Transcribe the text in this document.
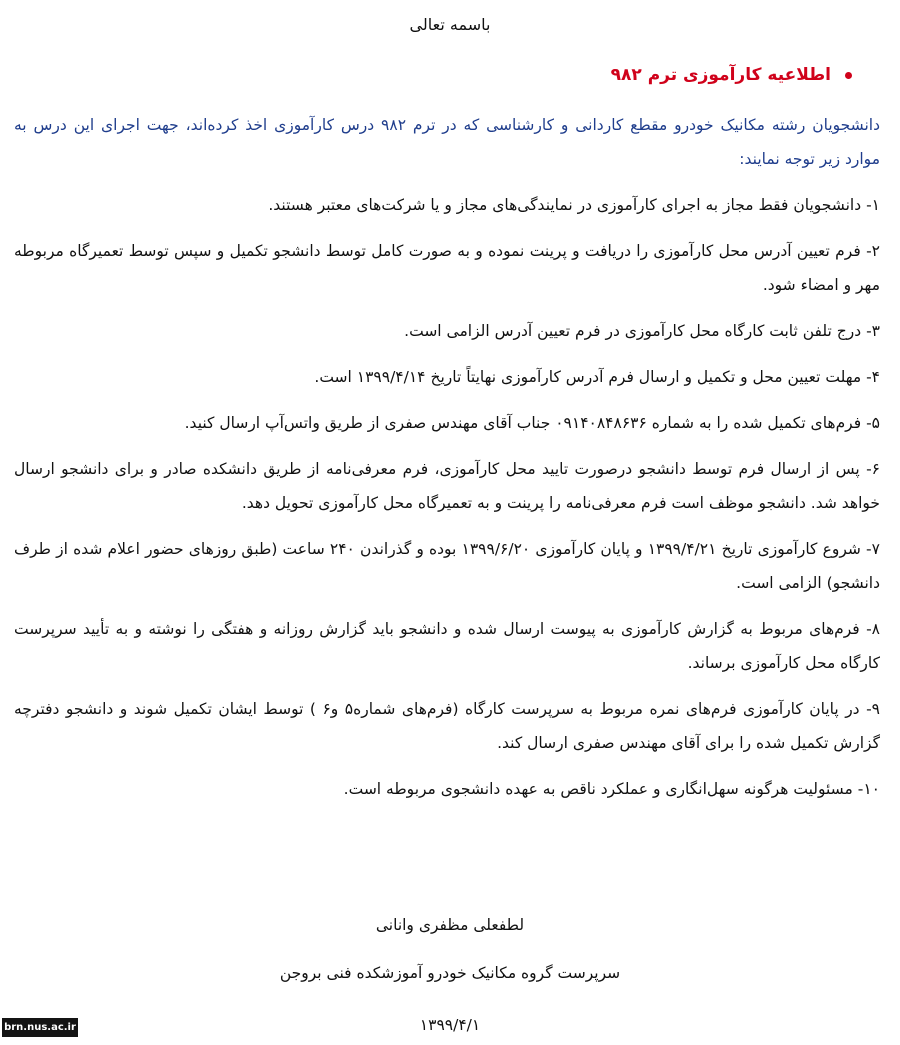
باسمه تعالی
اطلاعیه کارآموزی ترم ۹۸۲

دانشجویان رشته مکانیک خودرو مقطع کاردانی و کارشناسی که در ترم ۹۸۲ درس کارآموزی اخذ کرده‌اند، جهت اجرای این درس به موارد زیر توجه نمایند:

۱- دانشجویان فقط مجاز به اجرای کارآموزی در نمایندگی‌های مجاز و یا شرکت‌های معتبر هستند.

۲- فرم تعیین آدرس محل کارآموزی را دریافت و پرینت نموده و به صورت کامل توسط دانشجو تکمیل و سپس توسط تعمیرگاه مربوطه مهر و امضاء شود.

۳- درج تلفن ثابت کارگاه محل کارآموزی در فرم تعیین آدرس الزامی است.

۴- مهلت تعیین محل و تکمیل و ارسال فرم آدرس کارآموزی نهایتاً تاریخ ۱۳۹۹/۴/۱۴ است.

۵- فرم‌های تکمیل شده را به شماره ۰۹۱۴۰۸۴۸۶۳۶ جناب آقای مهندس صفری از طریق واتس‌آپ ارسال کنید.

۶- پس از ارسال فرم توسط دانشجو درصورت تایید محل کارآموزی، فرم معرفی‌نامه از طریق دانشکده صادر و برای دانشجو ارسال خواهد شد. دانشجو موظف است فرم معرفی‌نامه را پرینت و به تعمیرگاه محل کارآموزی تحویل دهد.

۷- شروع کارآموزی تاریخ ۱۳۹۹/۴/۲۱ و پایان کارآموزی ۱۳۹۹/۶/۲۰ بوده و گذراندن ۲۴۰ ساعت (طبق روزهای حضور اعلام شده از طرف دانشجو) الزامی است.

۸- فرم‌های مربوط به گزارش کارآموزی به پیوست ارسال شده و دانشجو باید گزارش روزانه و هفتگی را نوشته و به تأیید سرپرست کارگاه محل کارآموزی برساند.

۹- در پایان کارآموزی فرم‌های نمره مربوط به سرپرست کارگاه (فرم‌های شماره۵ و۶ ) توسط ایشان تکمیل شوند و دانشجو دفترچه گزارش تکمیل شده را برای آقای مهندس صفری ارسال کند.

۱۰- مسئولیت هرگونه سهل‌انگاری و عملکرد ناقص به عهده دانشجوی مربوطه است.

لطفعلی مظفری وانانی
سرپرست گروه مکانیک خودرو آموزشکده فنی بروجن
۱۳۹۹/۴/۱
brn.nus.ac.ir
